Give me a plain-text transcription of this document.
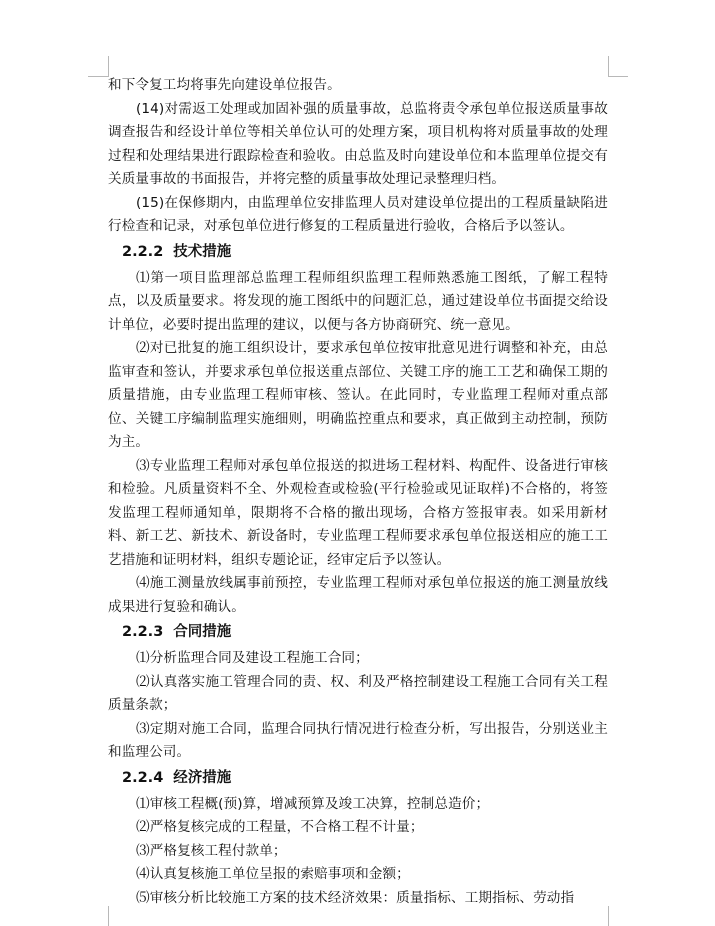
和下令复工均将事先向建设单位报告。

(14)对需返工处理或加固补强的质量事故，总监将责令承包单位报送质量事故调查报告和经设计单位等相关单位认可的处理方案，项目机构将对质量事故的处理过程和处理结果进行跟踪检查和验收。由总监及时向建设单位和本监理单位提交有关质量事故的书面报告，并将完整的质量事故处理记录整理归档。

(15)在保修期内，由监理单位安排监理人员对建设单位提出的工程质量缺陷进行检查和记录，对承包单位进行修复的工程质量进行验收，合格后予以签认。

2.2.2 技术措施

⑴第一项目监理部总监理工程师组织监理工程师熟悉施工图纸，了解工程特点，以及质量要求。将发现的施工图纸中的问题汇总，通过建设单位书面提交给设计单位，必要时提出监理的建议，以便与各方协商研究、统一意见。

⑵对已批复的施工组织设计，要求承包单位按审批意见进行调整和补充，由总监审查和签认，并要求承包单位报送重点部位、关键工序的施工工艺和确保工期的质量措施，由专业监理工程师审核、签认。在此同时，专业监理工程师对重点部位、关键工序编制监理实施细则，明确监控重点和要求，真正做到主动控制，预防为主。

⑶专业监理工程师对承包单位报送的拟进场工程材料、构配件、设备进行审核和检验。凡质量资料不全、外观检查或检验(平行检验或见证取样)不合格的，将签发监理工程师通知单，限期将不合格的撤出现场，合格方签报审表。如采用新材料、新工艺、新技术、新设备时，专业监理工程师要求承包单位报送相应的施工工艺措施和证明材料，组织专题论证，经审定后予以签认。

⑷施工测量放线属事前预控，专业监理工程师对承包单位报送的施工测量放线成果进行复验和确认。

2.2.3 合同措施

⑴分析监理合同及建设工程施工合同；

⑵认真落实施工管理合同的责、权、利及严格控制建设工程施工合同有关工程质量条款；

⑶定期对施工合同，监理合同执行情况进行检查分析，写出报告，分别送业主和监理公司。

2.2.4 经济措施

⑴审核工程概(预)算，增减预算及竣工决算，控制总造价；

⑵严格复核完成的工程量，不合格工程不计量；

⑶严格复核工程付款单；

⑷认真复核施工单位呈报的索赔事项和金额；

⑸审核分析比较施工方案的技术经济效果：质量指标、工期指标、劳动指
